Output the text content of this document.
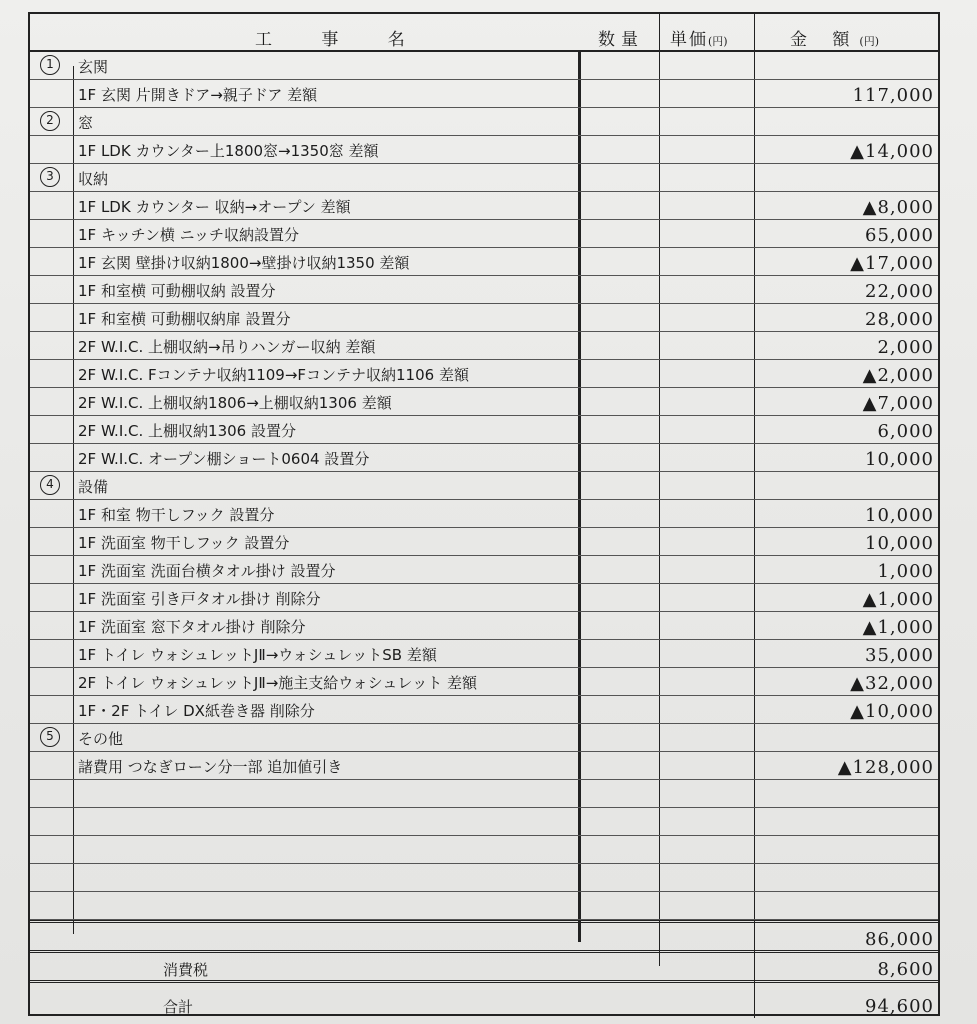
工 事 名	数量 単価(円)	金 額(円)
1	玄関
1F 玄関 片開きドア→親子ドア 差額	117,000
2	窓
1F LDK カウンター上1800窓→1350窓 差額	▲14,000
3	収納
1F LDK カウンター 収納→オープン 差額	▲8,000
1F キッチン横 ニッチ収納設置分	65,000
1F 玄関 壁掛け収納1800→壁掛け収納1350 差額	▲17,000
1F 和室横 可動棚収納 設置分	22,000
1F 和室横 可動棚収納扉 設置分	28,000
2F W.I.C. 上棚収納→吊りハンガー収納 差額	2,000
2F W.I.C. Fコンテナ収納1109→Fコンテナ収納1106 差額	▲2,000
2F W.I.C. 上棚収納1806→上棚収納1306 差額	▲7,000
2F W.I.C. 上棚収納1306 設置分	6,000
2F W.I.C. オープン棚ショート0604 設置分	10,000
4	設備
1F 和室 物干しフック 設置分	10,000
1F 洗面室 物干しフック 設置分	10,000
1F 洗面室 洗面台横タオル掛け 設置分	1,000
1F 洗面室 引き戸タオル掛け 削除分	▲1,000
1F 洗面室 窓下タオル掛け 削除分	▲1,000
1F トイレ ウォシュレットJⅡ→ウォシュレットSB 差額	35,000
2F トイレ ウォシュレットJⅡ→施主支給ウォシュレット 差額	▲32,000
1F・2F トイレ DX紙巻き器 削除分	▲10,000
5	その他
諸費用 つなぎローン分一部 追加値引き	▲128,000
86,000
消費税	8,600
合計	94,600
